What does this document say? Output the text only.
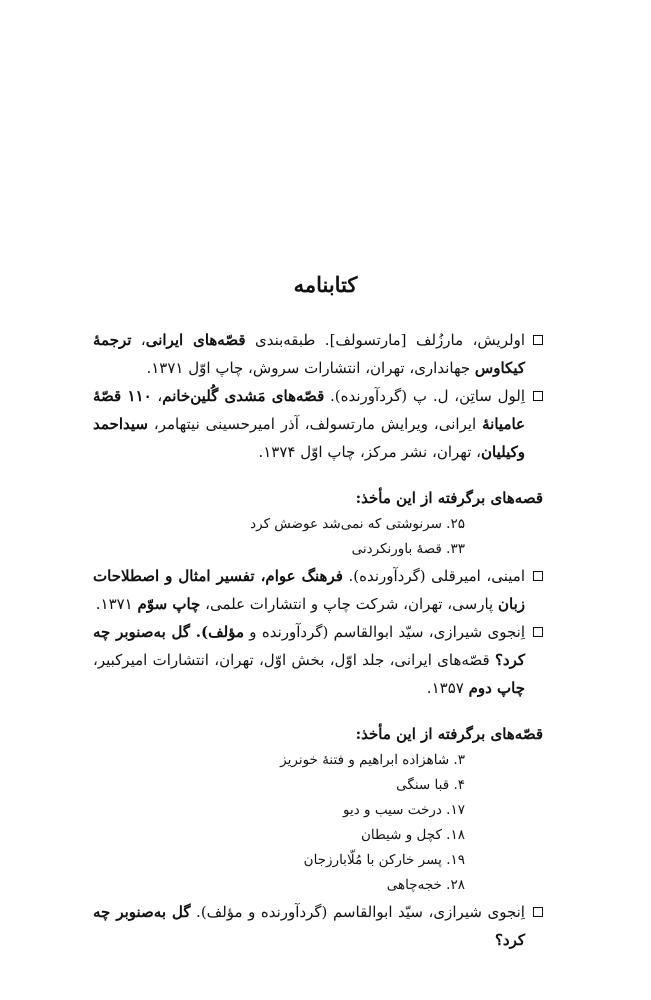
کتابنامه

اولریش، مارزُلف [مارتسولف]. طبقه‌بندی قصّه‌های ایرانی، ترجمهٔ کیکاوس جهانداری، تهران، انتشارات سروش، چاپ اوّل ۱۳۷۱.

اِلول ساتِن، ل. پ (گردآورنده). قصّه‌های مَشدی گُلین‌خانم، ۱۱۰ قصّهٔ عامیانهٔ ایرانی، ویرایش مارتسولف، آذر امیرحسینی نیتهامر، سیداحمد وکیلیان، تهران، نشر مرکز، چاپ اوّل ۱۳۷۴.

قصه‌های برگرفته از این مأخذ:
۲۵. سرنوشتی که نمی‌شد عوضش کرد
۳۳. قصهٔ باورنکردنی

امینی، امیرقلی (گردآورنده). فرهنگ عوام، تفسیر امثال و اصطلاحات زبان پارسی، تهران، شرکت چاپ و انتشارات علمی، چاپ سوّم ۱۳۷۱.

اِنجوی شیرازی، سیّد ابوالقاسم (گردآورنده و مؤلف). گل به‌صنوبر چه کرد؟ قصّه‌های ایرانی، جلد اوّل، بخش اوّل، تهران، انتشارات امیرکبیر، چاپ دوم ۱۳۵۷.

قصّه‌های برگرفته از این مأخذ:
۳. شاهزاده ابراهیم و فتنهٔ خونریز
۴. قبا سنگی
۱۷. درخت سیب و دیو
۱۸. کچل و شیطان
۱۹. پسر خارکن با مُلّابارزجان
۲۸. خجه‌چاهی

اِنجوی شیرازی، سیّد ابوالقاسم (گردآورنده و مؤلف). گل به‌صنوبر چه کرد؟
